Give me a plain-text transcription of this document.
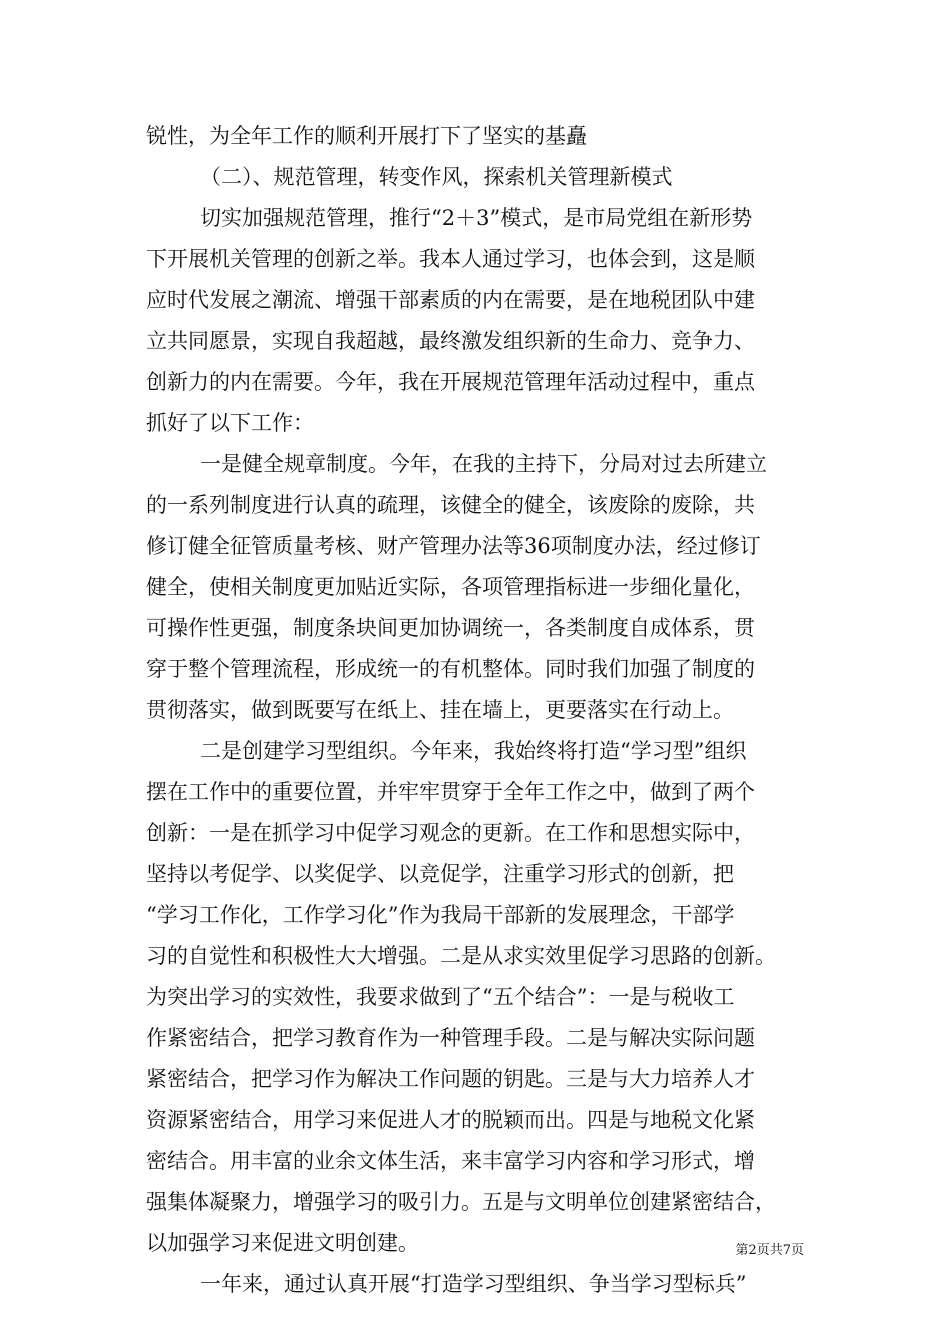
锐性，为全年工作的顺利开展打下了坚实的基矗
（二）、规范管理，转变作风，探索机关管理新模式
切实加强规范管理，推行“2＋3”模式，是市局党组在新形势
下开展机关管理的创新之举。我本人通过学习，也体会到，这是顺
应时代发展之潮流、增强干部素质的内在需要，是在地税团队中建
立共同愿景，实现自我超越，最终激发组织新的生命力、竞争力、
创新力的内在需要。今年，我在开展规范管理年活动过程中，重点
抓好了以下工作：
一是健全规章制度。今年，在我的主持下，分局对过去所建立
的一系列制度进行认真的疏理，该健全的健全，该废除的废除，共
修订健全征管质量考核、财产管理办法等36项制度办法，经过修订
健全，使相关制度更加贴近实际，各项管理指标进一步细化量化，
可操作性更强，制度条块间更加协调统一，各类制度自成体系，贯
穿于整个管理流程，形成统一的有机整体。同时我们加强了制度的
贯彻落实，做到既要写在纸上、挂在墙上，更要落实在行动上。
二是创建学习型组织。今年来，我始终将打造“学习型”组织
摆在工作中的重要位置，并牢牢贯穿于全年工作之中，做到了两个
创新：一是在抓学习中促学习观念的更新。在工作和思想实际中，
坚持以考促学、以奖促学、以竞促学，注重学习形式的创新，把
“学习工作化，工作学习化”作为我局干部新的发展理念，干部学
习的自觉性和积极性大大增强。二是从求实效里促学习思路的创新。
为突出学习的实效性，我要求做到了“五个结合”：一是与税收工
作紧密结合，把学习教育作为一种管理手段。二是与解决实际问题
紧密结合，把学习作为解决工作问题的钥匙。三是与大力培养人才
资源紧密结合，用学习来促进人才的脱颖而出。四是与地税文化紧
密结合。用丰富的业余文体生活，来丰富学习内容和学习形式，增
强集体凝聚力，增强学习的吸引力。五是与文明单位创建紧密结合，
以加强学习来促进文明创建。
一年来，通过认真开展“打造学习型组织、争当学习型标兵”
第2页共7页
